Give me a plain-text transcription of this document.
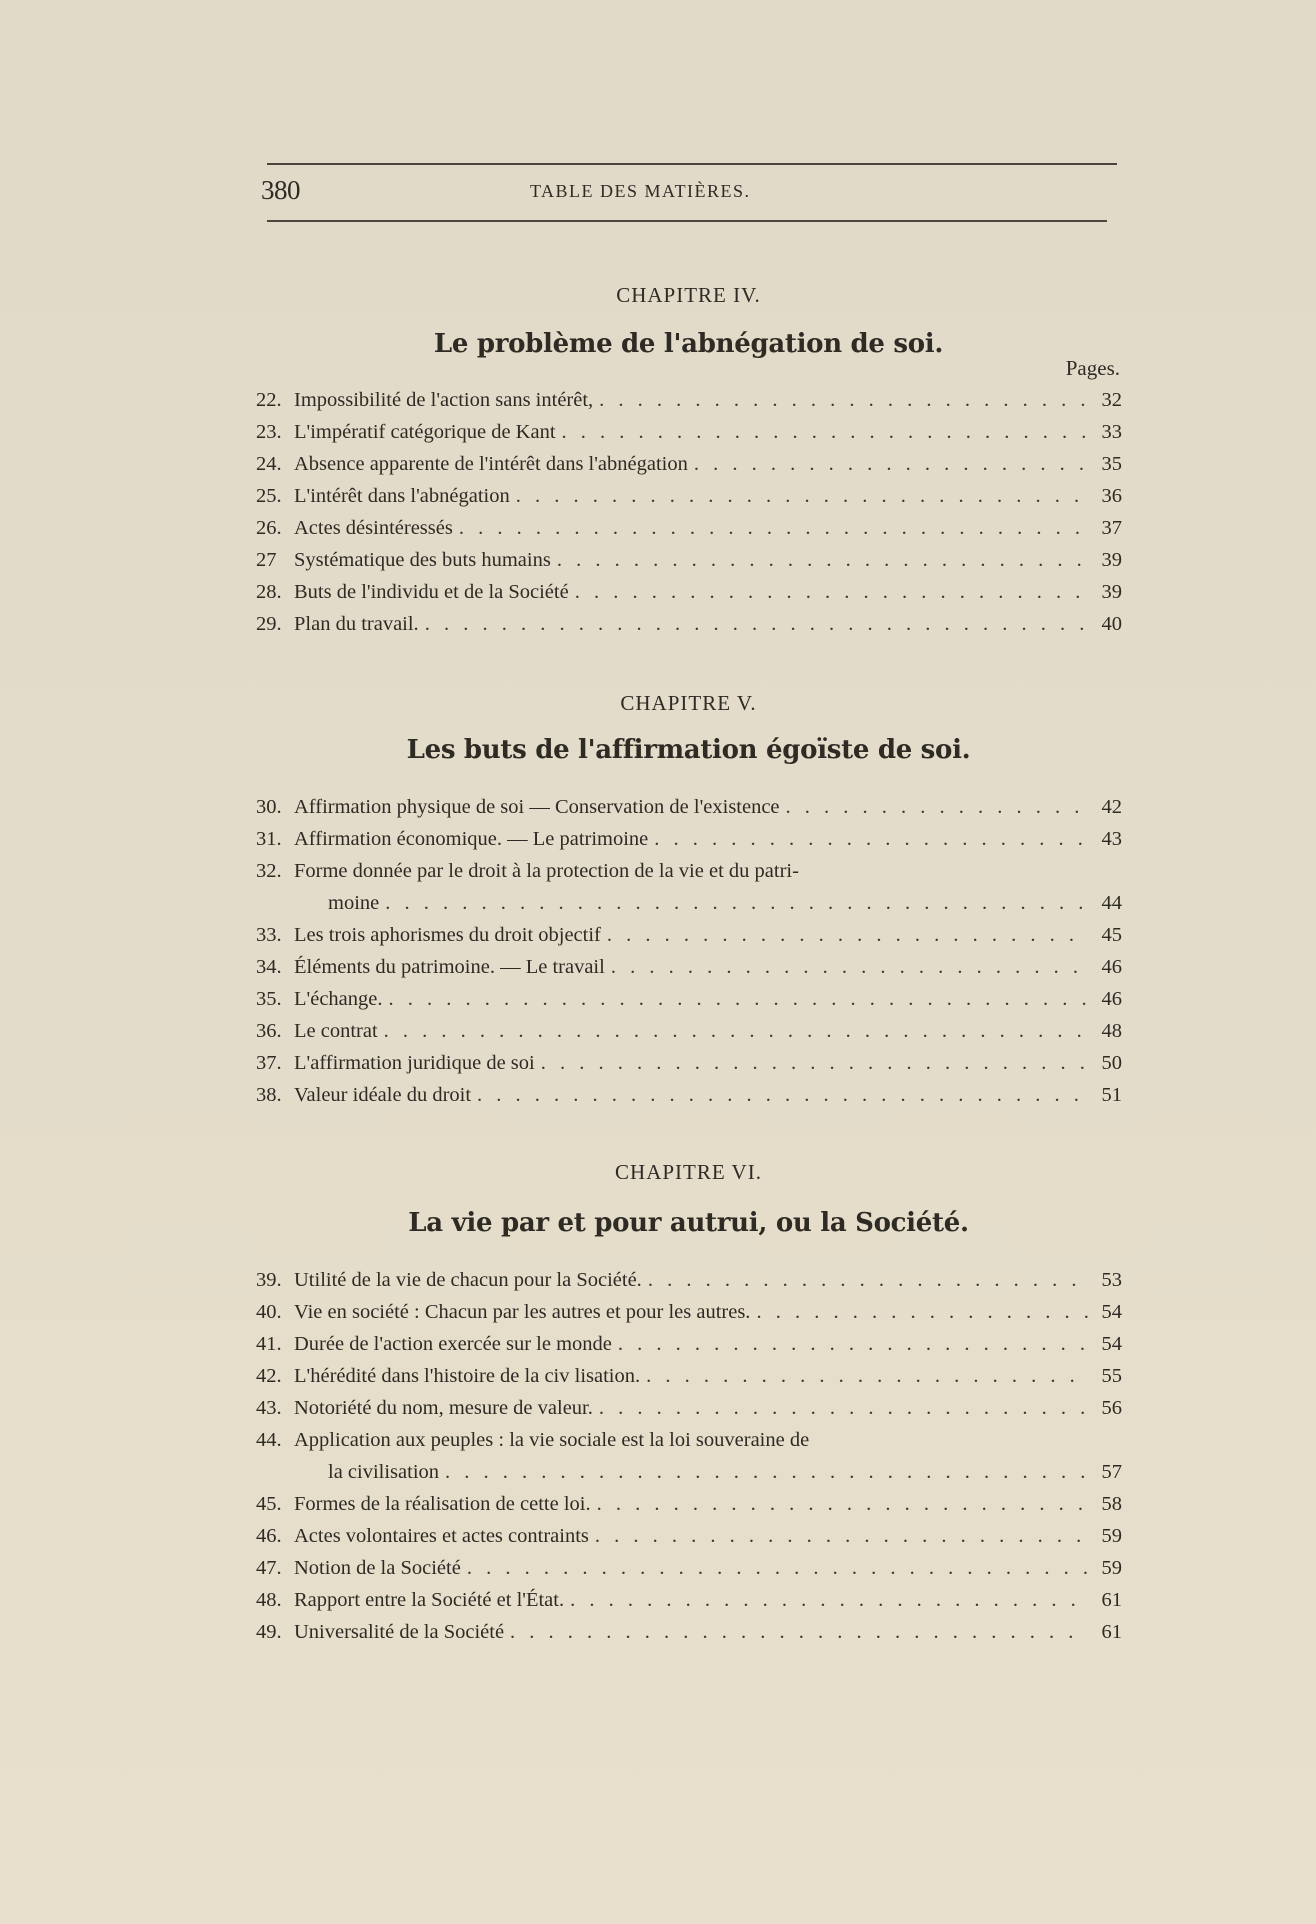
380	TABLE DES MATIÈRES.
CHAPITRE IV.
Le problème de l'abnégation de soi.
Pages.
22. Impossibilité de l'action sans intérêt, . . .	32
23. L'impératif catégorique de Kant . . .	33
24. Absence apparente de l'intérêt dans l'abnégation . . .	35
25. L'intérêt dans l'abnégation . . .	36
26. Actes désintéressés . . .	37
27 Systématique des buts humains . . .	39
28. Buts de l'individu et de la Société . . .	39
29. Plan du travail. . . .	40
CHAPITRE V.
Les buts de l'affirmation égoïste de soi.
30. Affirmation physique de soi — Conservation de l'existence . . .	42
31. Affirmation économique. — Le patrimoine . . .	43
32. Forme donnée par le droit à la protection de la vie et du patri-
moine . . .	44
33. Les trois aphorismes du droit objectif . . .	45
34. Éléments du patrimoine. — Le travail . . .	46
35. L'échange. . . .	46
36. Le contrat . . .	48
37. L'affirmation juridique de soi . . .	50
38. Valeur idéale du droit . . .	51
CHAPITRE VI.
La vie par et pour autrui, ou la Société.
39. Utilité de la vie de chacun pour la Société. . . .	53
40. Vie en société : Chacun par les autres et pour les autres. . . .	54
41. Durée de l'action exercée sur le monde . . .	54
42. L'hérédité dans l'histoire de la civ lisation. . . .	55
43. Notoriété du nom, mesure de valeur. . . .	56
44. Application aux peuples : la vie sociale est la loi souveraine de
la civilisation . . .	57
45. Formes de la réalisation de cette loi. . . .	58
46. Actes volontaires et actes contraints . . .	59
47. Notion de la Société . . .	59
48. Rapport entre la Société et l'État. . . .	61
49. Universalité de la Société . . .	61
